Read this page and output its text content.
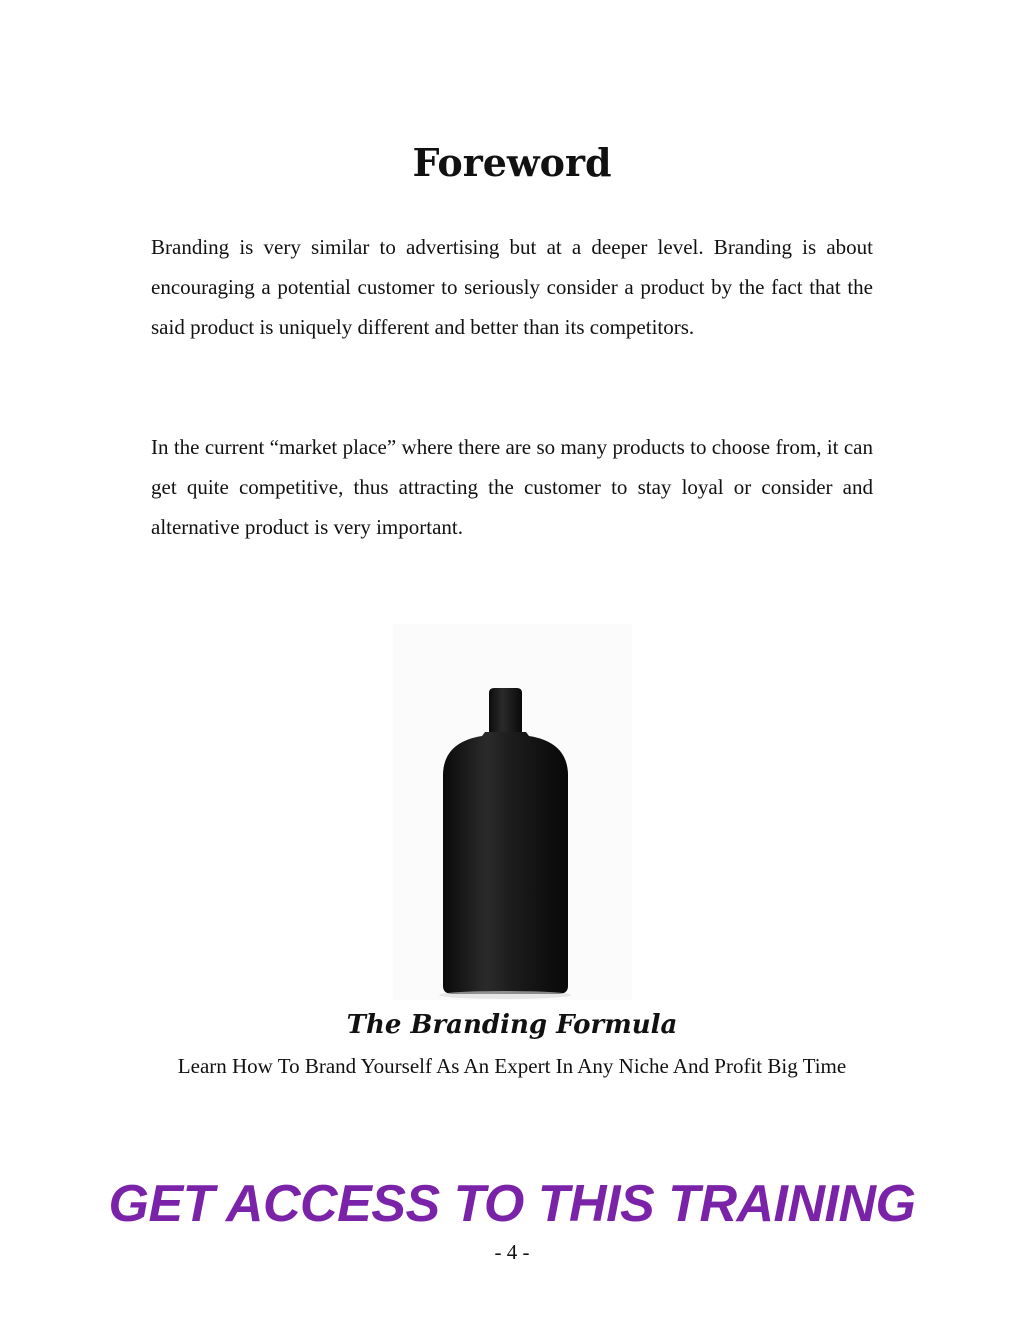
Foreword

Branding is very similar to advertising but at a deeper level. Branding is about encouraging a potential customer to seriously consider a product by the fact that the said product is uniquely different and better than its competitors.

In the current “market place” where there are so many products to choose from, it can get quite competitive, thus attracting the customer to stay loyal or consider and alternative product is very important.

The Branding Formula
Learn How To Brand Yourself As An Expert In Any Niche And Profit Big Time
GET ACCESS TO THIS TRAINING
- 4 -
